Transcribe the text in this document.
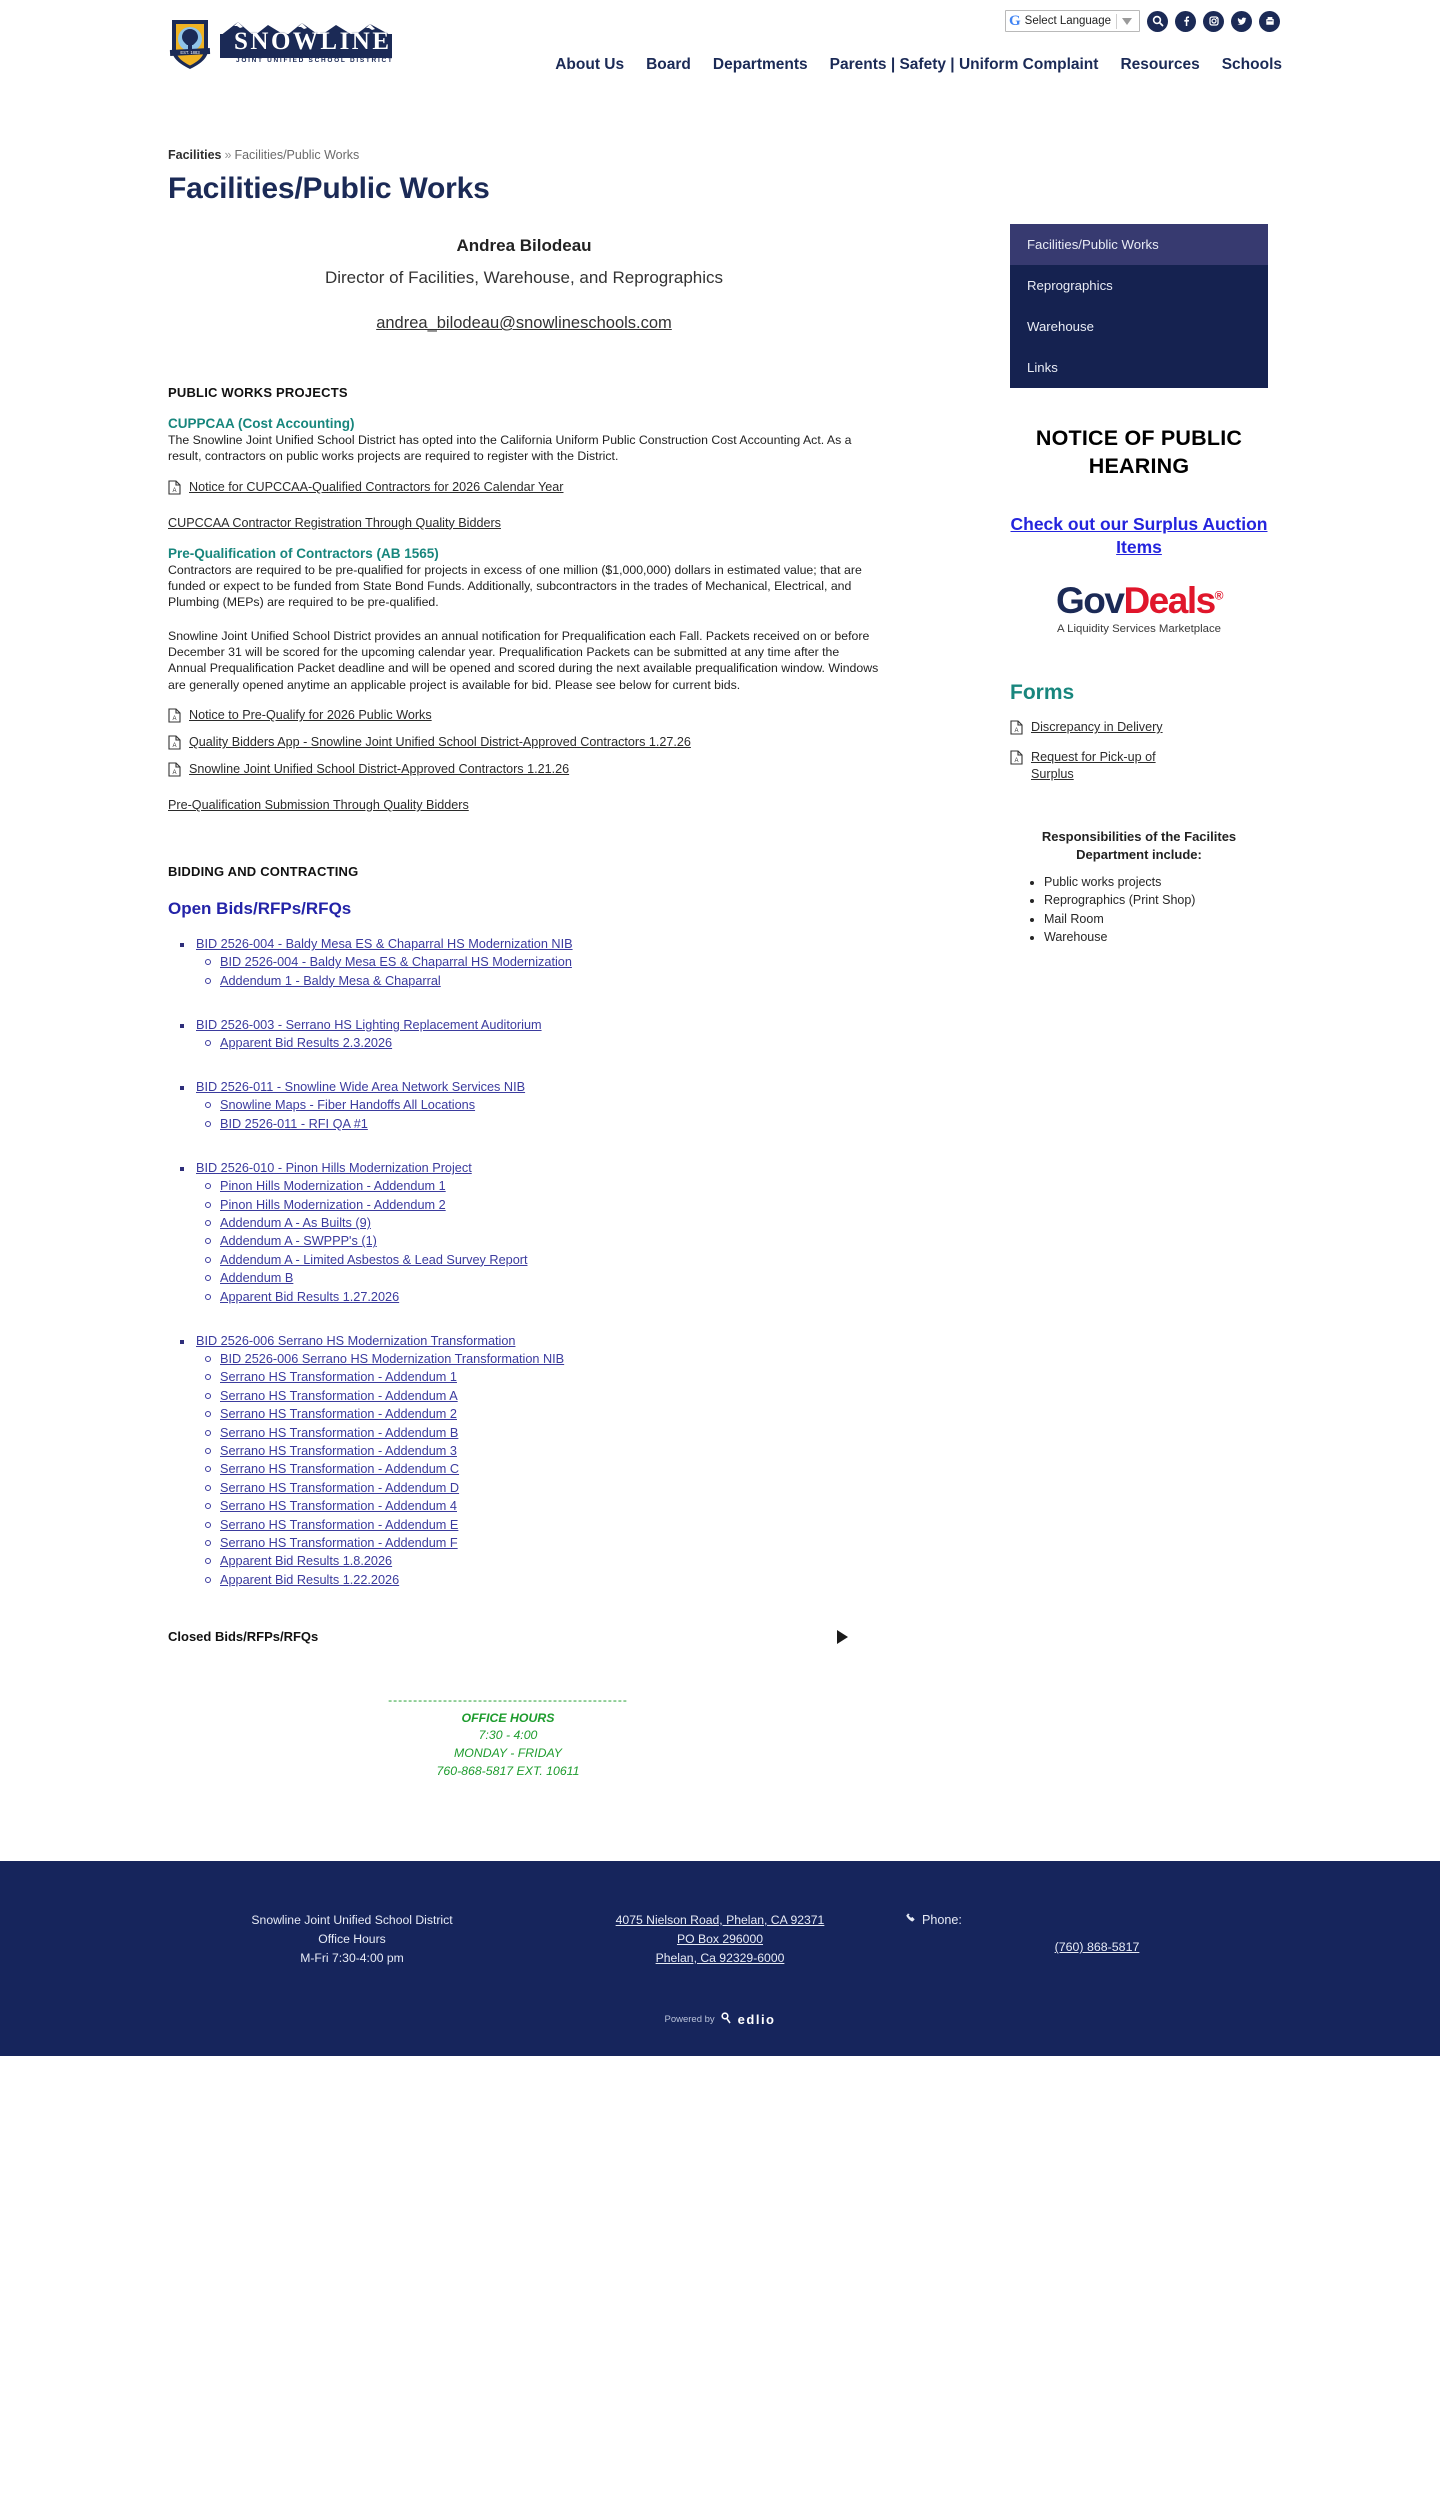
EST. 1883 SNOWLINE
JOINT UNIFIED SCHOOL DISTRICT
G Select Language
About Us Board Departments Parents | Safety | Uniform Complaint Resources Schools
Facilities » Facilities/Public Works
Facilities/Public Works
Andrea Bilodeau
Director of Facilities, Warehouse, and Reprographics
andrea_bilodeau@snowlineschools.com
PUBLIC WORKS PROJECTS
CUPPCAA (Cost Accounting)

The Snowline Joint Unified School District has opted into the California Uniform Public Construction Cost Accounting Act. As a result, contractors on public works projects are required to register with the District.

A Notice for CUPCCAA-Qualified Contractors for 2026 Calendar Year
CUPCCAA Contractor Registration Through Quality Bidders
Pre-Qualification of Contractors (AB 1565)

Contractors are required to be pre-qualified for projects in excess of one million ($1,000,000) dollars in estimated value; that are funded or expect to be funded from State Bond Funds. Additionally, subcontractors in the trades of Mechanical, Electrical, and Plumbing (MEPs) are required to be pre-qualified.

Snowline Joint Unified School District provides an annual notification for Prequalification each Fall. Packets received on or before December 31 will be scored for the upcoming calendar year. Prequalification Packets can be submitted at any time after the Annual Prequalification Packet deadline and will be opened and scored during the next available prequalification window. Windows are generally opened anytime an applicable project is available for bid. Please see below for current bids.

A Notice to Pre-Qualify for 2026 Public Works
A Quality Bidders App - Snowline Joint Unified School District-Approved Contractors 1.27.26
A Snowline Joint Unified School District-Approved Contractors 1.21.26
Pre-Qualification Submission Through Quality Bidders
BIDDING AND CONTRACTING
Open Bids/RFPs/RFQs
BID 2526-004 - Baldy Mesa ES & Chaparral HS Modernization NIB
BID 2526-004 - Baldy Mesa ES & Chaparral HS Modernization
Addendum 1 - Baldy Mesa & Chaparral
BID 2526-003 - Serrano HS Lighting Replacement Auditorium
Apparent Bid Results 2.3.2026
BID 2526-011 - Snowline Wide Area Network Services NIB
Snowline Maps - Fiber Handoffs All Locations
BID 2526-011 - RFI QA #1
BID 2526-010 - Pinon Hills Modernization Project
Pinon Hills Modernization - Addendum 1
Pinon Hills Modernization - Addendum 2
Addendum A - As Builts (9)
Addendum A - SWPPP's (1)
Addendum A - Limited Asbestos & Lead Survey Report
Addendum B
Apparent Bid Results 1.27.2026
BID 2526-006 Serrano HS Modernization Transformation
BID 2526-006 Serrano HS Modernization Transformation NIB
Serrano HS Transformation - Addendum 1
Serrano HS Transformation - Addendum A
Serrano HS Transformation - Addendum 2
Serrano HS Transformation - Addendum B
Serrano HS Transformation - Addendum 3
Serrano HS Transformation - Addendum C
Serrano HS Transformation - Addendum D
Serrano HS Transformation - Addendum 4
Serrano HS Transformation - Addendum E
Serrano HS Transformation - Addendum F
Apparent Bid Results 1.8.2026
Apparent Bid Results 1.22.2026
Closed Bids/RFPs/RFQs
------------------------------------------------
OFFICE HOURS
7:30 - 4:00
MONDAY - FRIDAY
760-868-5817 EXT. 10611
Facilities/Public Works
Reprographics
Warehouse
Links
NOTICE OF PUBLIC HEARING
Check out our Surplus Auction Items
GovDeals®
A Liquidity Services Marketplace
Forms
A Discrepancy in Delivery
A Request for Pick-up of Surplus
Responsibilities of the Facilites Department include:
• Public works projects
• Reprographics (Print Shop)
• Mail Room
• Warehouse
Snowline Joint Unified School District
Office Hours
M-Fri 7:30-4:00 pm
4075 Nielson Road, Phelan, CA 92371
PO Box 296000
Phelan, Ca 92329-6000
Phone:
(760) 868-5817
Powered by edlio
